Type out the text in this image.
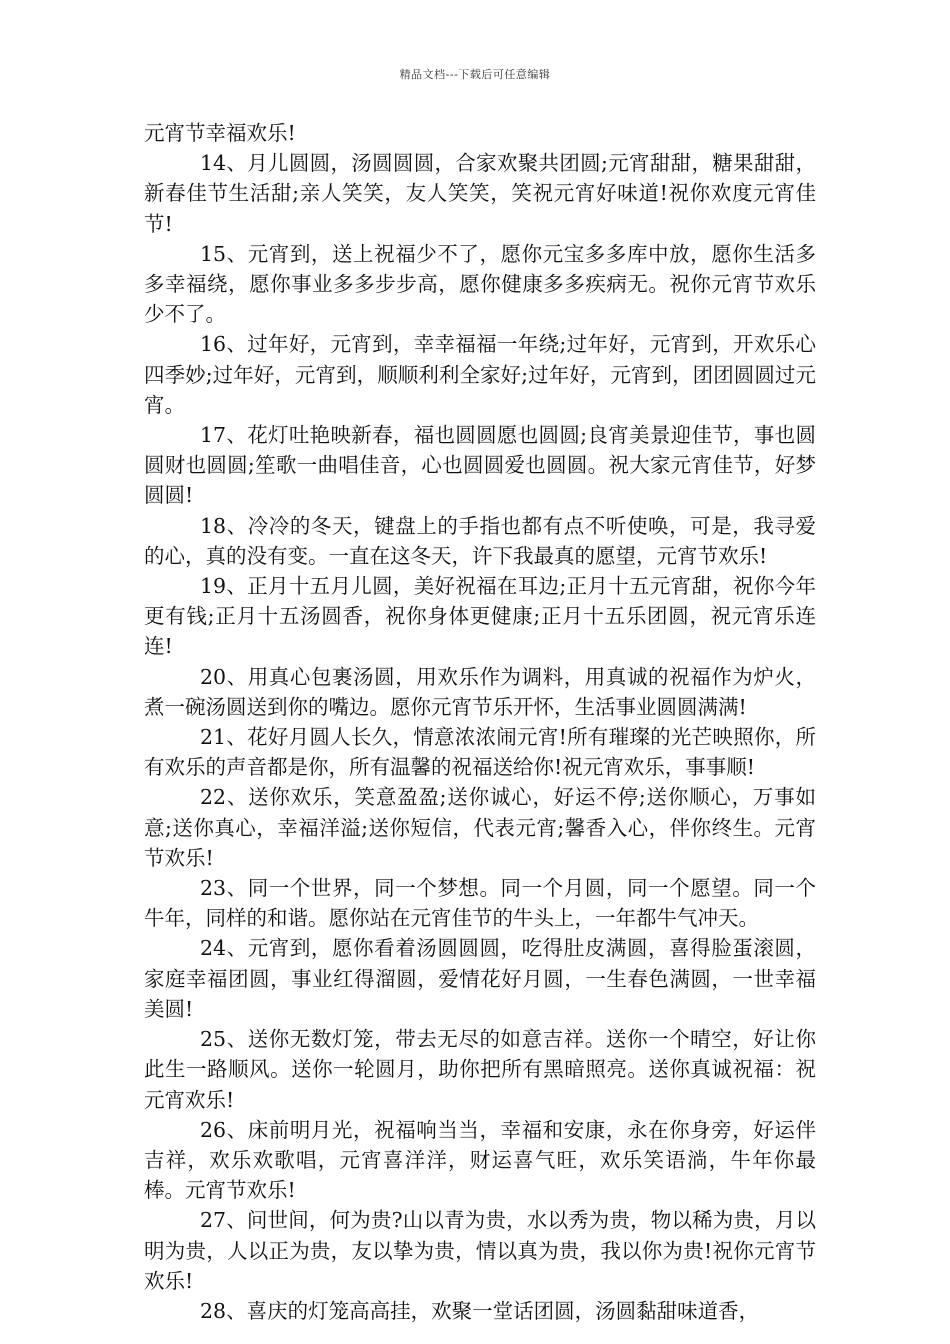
精品文档---下载后可任意编辑

元宵节幸福欢乐!

14、月儿圆圆，汤圆圆圆，合家欢聚共团圆;元宵甜甜，糖果甜甜，新春佳节生活甜;亲人笑笑，友人笑笑，笑祝元宵好味道!祝你欢度元宵佳节!

15、元宵到，送上祝福少不了，愿你元宝多多库中放，愿你生活多多幸福绕，愿你事业多多步步高，愿你健康多多疾病无。祝你元宵节欢乐少不了。

16、过年好，元宵到，幸幸福福一年绕;过年好，元宵到，开欢乐心四季妙;过年好，元宵到，顺顺利利全家好;过年好，元宵到，团团圆圆过元宵。

17、花灯吐艳映新春，福也圆圆愿也圆圆;良宵美景迎佳节，事也圆圆财也圆圆;笙歌一曲唱佳音，心也圆圆爱也圆圆。祝大家元宵佳节，好梦圆圆!

18、冷冷的冬天，键盘上的手指也都有点不听使唤，可是，我寻爱的心，真的没有变。一直在这冬天，许下我最真的愿望，元宵节欢乐!

19、正月十五月儿圆，美好祝福在耳边;正月十五元宵甜，祝你今年更有钱;正月十五汤圆香，祝你身体更健康;正月十五乐团圆，祝元宵乐连连!

20、用真心包裹汤圆，用欢乐作为调料，用真诚的祝福作为炉火，煮一碗汤圆送到你的嘴边。愿你元宵节乐开怀，生活事业圆圆满满!

21、花好月圆人长久，情意浓浓闹元宵!所有璀璨的光芒映照你，所有欢乐的声音都是你，所有温馨的祝福送给你!祝元宵欢乐，事事顺!

22、送你欢乐，笑意盈盈;送你诚心，好运不停;送你顺心，万事如意;送你真心，幸福洋溢;送你短信，代表元宵;馨香入心，伴你终生。元宵节欢乐!

23、同一个世界，同一个梦想。同一个月圆，同一个愿望。同一个牛年，同样的和谐。愿你站在元宵佳节的牛头上，一年都牛气冲天。

24、元宵到，愿你看着汤圆圆圆，吃得肚皮满圆，喜得脸蛋滚圆，家庭幸福团圆，事业红得溜圆，爱情花好月圆，一生春色满圆，一世幸福美圆!

25、送你无数灯笼，带去无尽的如意吉祥。送你一个晴空，好让你此生一路顺风。送你一轮圆月，助你把所有黑暗照亮。送你真诚祝福：祝元宵欢乐!

26、床前明月光，祝福响当当，幸福和安康，永在你身旁，好运伴吉祥，欢乐欢歌唱，元宵喜洋洋，财运喜气旺，欢乐笑语淌，牛年你最棒。元宵节欢乐!

27、问世间，何为贵?山以青为贵，水以秀为贵，物以稀为贵，月以明为贵，人以正为贵，友以挚为贵，情以真为贵，我以你为贵!祝你元宵节欢乐!

28、喜庆的灯笼高高挂，欢聚一堂话团圆，汤圆黏甜味道香，
